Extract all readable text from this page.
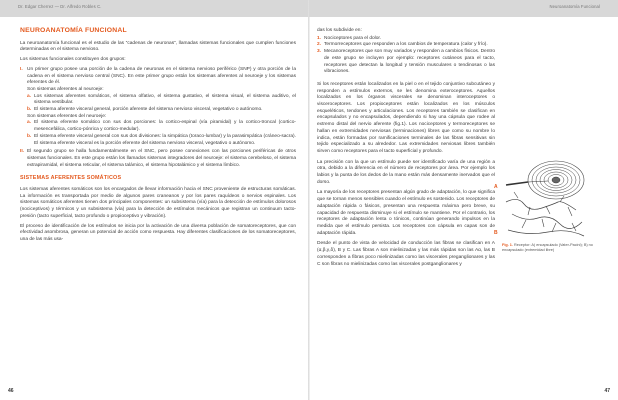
Dr. Edgar Cherrez — Dr. Alfredo Robles C.
NEUROANATOMÍA FUNCIONAL

La neuroanatomía funcional es el estudio de las “cadenas de neuronas”, llamadas sistemas funcionales que cumplen funciones determinadas en el sistema nervioso.

Los sistemas funcionales constituyen dos grupos:

I. Un primer grupo posee una porción de la cadena de neuronas en el sistema nervioso periférico (SNP) y otra porción de la cadena en el sistema nervioso central (SNC). En este primer grupo están los sistemas aferentes al neuroeje y los sistemas eferentes de él.
Son sistemas aferentes al neuroeje:
a. Los sistemas aferentes somáticos, el sistema olfativo, el sistema gustativo, el sistema visual, el sistema auditivo, el sistema vestibular.
b. El sistema aferente visceral general, porción aferente del sistema nervioso visceral, vegetativo o autónomo.
Son sistemas eferentes del neuroeje:
a. El sistema eferente somático con sus dos porciones: la cortico-espinal (vía piramidal) y la cortico-troncal (cortico-mesencefálica, cortico-pónrica y cortico-medular).
b. El sistema eferente visceral general con sus dos divisiones: la simpática (toraco-lumbar) y la parasimpática (cráneo-sacra). El sistema eferente visceral es la porción eferente del sistema nervioso visceral, vegetativo o autónomo.
II. El segundo grupo se halla fundamentalmente en el SNC, pero posee conexiones con las porciones periféricas de otros sistemas funcionales. En este grupo están los llamados sistemas integradores del neuroeje: el sistema cerebeloso, el sistema extrapiramidal, el sistema reticular, el sistema talámico, el sistema hipotalámico y el sistema límbico.
SISTEMAS AFERENTES SOMÁTICOS

Los sistemas aferentes somáticos son los encargados de llevar información hacia el SNC proveniente de estructuras somáticas. La información es transportada por medio de algunos pares craneanos y por los pares raquídeos o nervios espinales. Los sistemas somáticos aferentes tienen dos principales componentes: un subsistema (vía) para la detección de estímulos dolorosos (nociceptivos) y térmicos y un subsistema (vía) para la detección de estímulos mecánicos que registran un continuum tacto-presión (tacto superficial, tacto profundo o propioceptivo y vibración).

El proceso de identificación de los estímulos se inicia por la activación de una diversa población de somatoreceptores, que con efectividad asombrosa, generan un potencial de acción como respuesta. Hay diferentes clasificaciones de los somatoreceptores, una de las más usa-

46
Neuroanatomía Funcional

das los subdivide en:

1. Nociceptores para el dolor.
2. Termorreceptores que responden a los cambios de temperatura (calor y frío).
3. Mecanoreceptores que son muy variados y responden a cambios físicos. Dentro de este grupo se incluyen por ejemplo: receptores cutáneos para el tacto, receptores que detectan la longitud y tensión musculares o tendinosas o las vibraciones.

Si los receptores están localizados en la piel o en el tejido conjuntivo subcutáneo y responden a estímulos externos, se les denomina exteroceptores. Aquellos localizados en los órganos viscerales se denominan interoceptores o visceroceptores. Los propioceptores están localizados en los músculos esqueléticos, tendones y articulaciones. Los receptores también se clasifican en encapsulados y no encapsulados, dependiendo si hay una cápsula que rodee al extremo distal del nervio aferente (fig.1). Los nociceptores y termoreceptores se hallan en extremidades nerviosas (terminaciones) libres que como su nombre lo indica, están formadas por ramificaciones terminales de las fibras sensitivas sin tejido especializado a su alrededor. Las extremidades nerviosas libres también sirven como receptores para el tacto superficial y profundo.

La precisión con la que un estímulo puede ser identificado varía de una región a otra, debido a la diferencia en el número de receptores por área. Por ejemplo los labios y la punta de los dedos de la mano están más densamente inervados que el dorso.

La mayoría de los receptores presentan algún grado de adaptación, lo que significa que se tornan menos sensibles cuando el estímulo es sostenido. Los receptores de adaptación rápida o fásicos, presentan una respuesta máxima pero breve, su capacidad de respuesta disminuye si el estímulo se mantiene. Por el contrario, los receptores de adaptación lenta o tónicos, continúan generando impulsos en la medida que el estímulo persista. Los receptores con cápsula en capas son de adaptación rápida.

Desde el punto de vista de velocidad de conducción las fibras se clasifican en A (α,β,γ,δ), B y C. Las fibras A son mielinizadas y las más rápidas son las Aα, las B corresponden a fibras poco mielinizadas como las viscerales preganglionares y las C son fibras no mielinizadas como las viscerales postganglionares y

47
A
B
Fig. 1. Receptor: A) encapsulado (Vater-Pacini); B) no encapsulado (extremidad libre)
